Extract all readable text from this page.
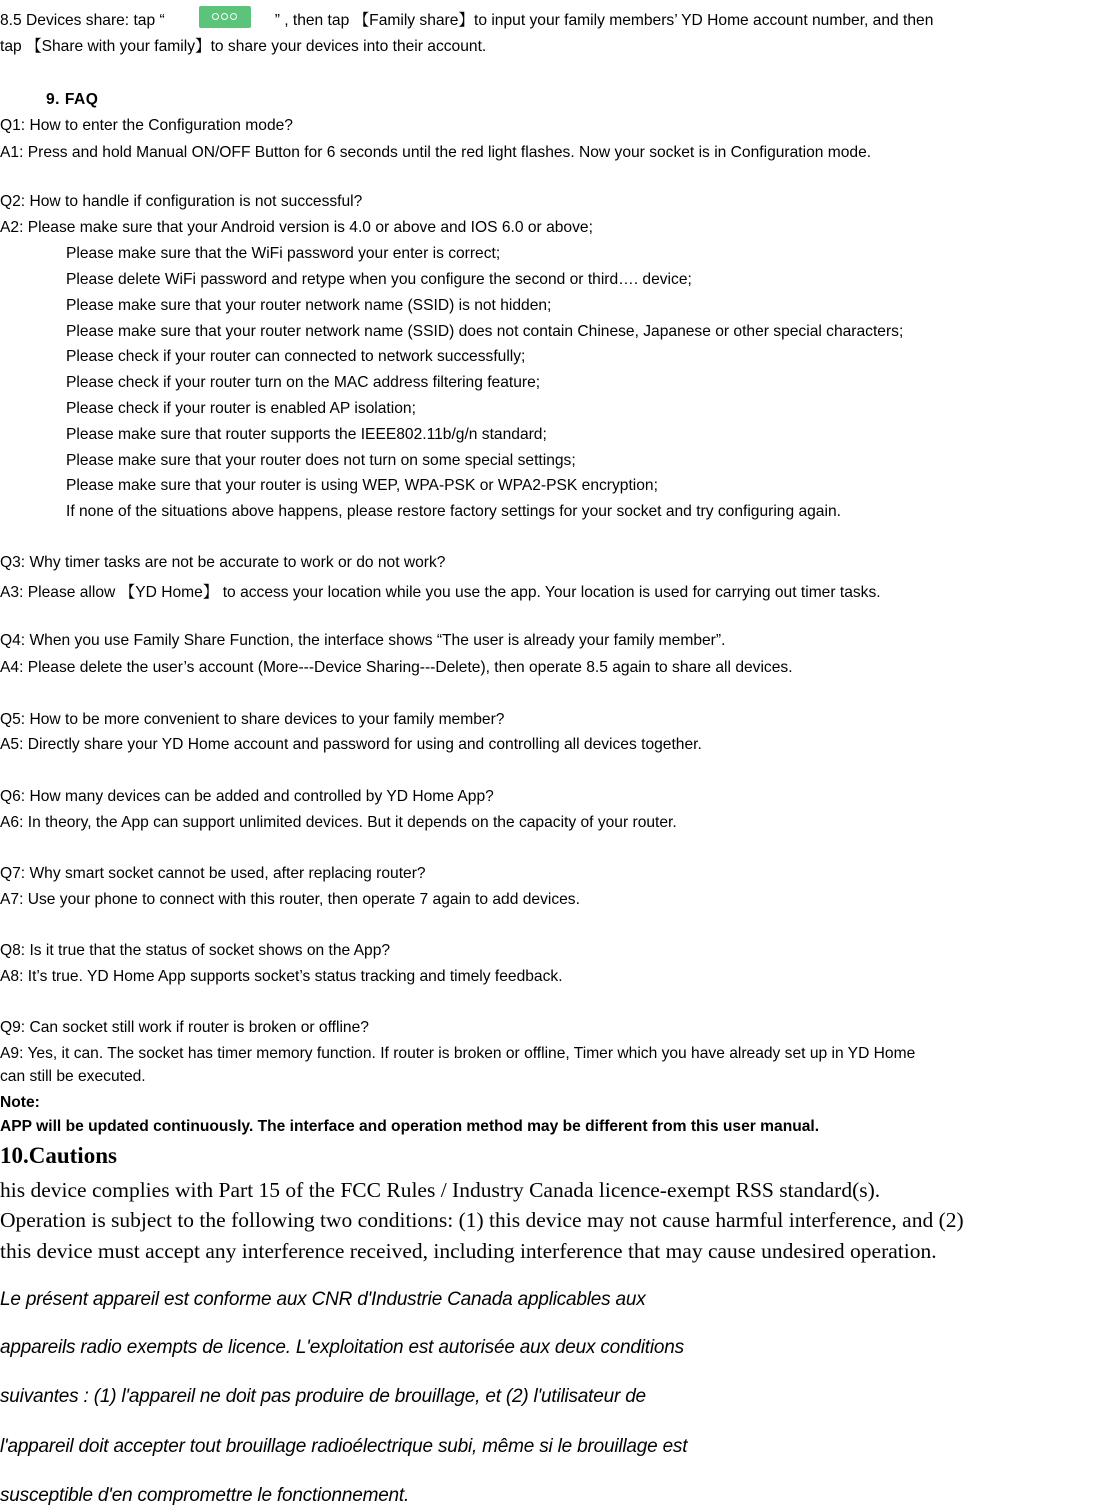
8.5 Devices share: tap “	” , then tap 【Family share】to input your family members’ YD Home account number, and then
tap 【Share with your family】to share your devices into their account.
9. FAQ
Q1: How to enter the Configuration mode?
A1: Press and hold Manual ON/OFF Button for 6 seconds until the red light flashes. Now your socket is in Configuration mode.
Q2: How to handle if configuration is not successful?
A2: Please make sure that your Android version is 4.0 or above and IOS 6.0 or above;
Please make sure that the WiFi password your enter is correct;
Please delete WiFi password and retype when you configure the second or third…. device;
Please make sure that your router network name (SSID) is not hidden;
Please make sure that your router network name (SSID) does not contain Chinese, Japanese or other special characters;
Please check if your router can connected to network successfully;
Please check if your router turn on the MAC address filtering feature;
Please check if your router is enabled AP isolation;
Please make sure that router supports the IEEE802.11b/g/n standard;
Please make sure that your router does not turn on some special settings;
Please make sure that your router is using WEP, WPA-PSK or WPA2-PSK encryption;
If none of the situations above happens, please restore factory settings for your socket and try configuring again.
Q3: Why timer tasks are not be accurate to work or do not work?
A3: Please allow 【YD Home】 to access your location while you use the app. Your location is used for carrying out timer tasks.
Q4: When you use Family Share Function, the interface shows “The user is already your family member”.
A4: Please delete the user’s account (More---Device Sharing---Delete), then operate 8.5 again to share all devices.
Q5: How to be more convenient to share devices to your family member?
A5: Directly share your YD Home account and password for using and controlling all devices together.
Q6: How many devices can be added and controlled by YD Home App?
A6: In theory, the App can support unlimited devices. But it depends on the capacity of your router.
Q7: Why smart socket cannot be used, after replacing router?
A7: Use your phone to connect with this router, then operate 7 again to add devices.
Q8: Is it true that the status of socket shows on the App?
A8: It’s true. YD Home App supports socket’s status tracking and timely feedback.
Q9: Can socket still work if router is broken or offline?
A9: Yes, it can. The socket has timer memory function. If router is broken or offline, Timer which you have already set up in YD Home
can still be executed.
Note:
APP will be updated continuously. The interface and operation method may be different from this user manual.
10.Cautions
his device complies with Part 15 of the FCC Rules / Industry Canada licence-exempt RSS standard(s).
Operation is subject to the following two conditions: (1) this device may not cause harmful interference, and (2)
this device must accept any interference received, including interference that may cause undesired operation.
Le présent appareil est conforme aux CNR d'Industrie Canada applicables aux
appareils radio exempts de licence. L'exploitation est autorisée aux deux conditions
suivantes : (1) l'appareil ne doit pas produire de brouillage, et (2) l'utilisateur de
l'appareil doit accepter tout brouillage radioélectrique subi, même si le brouillage est
susceptible d'en compromettre le fonctionnement.
